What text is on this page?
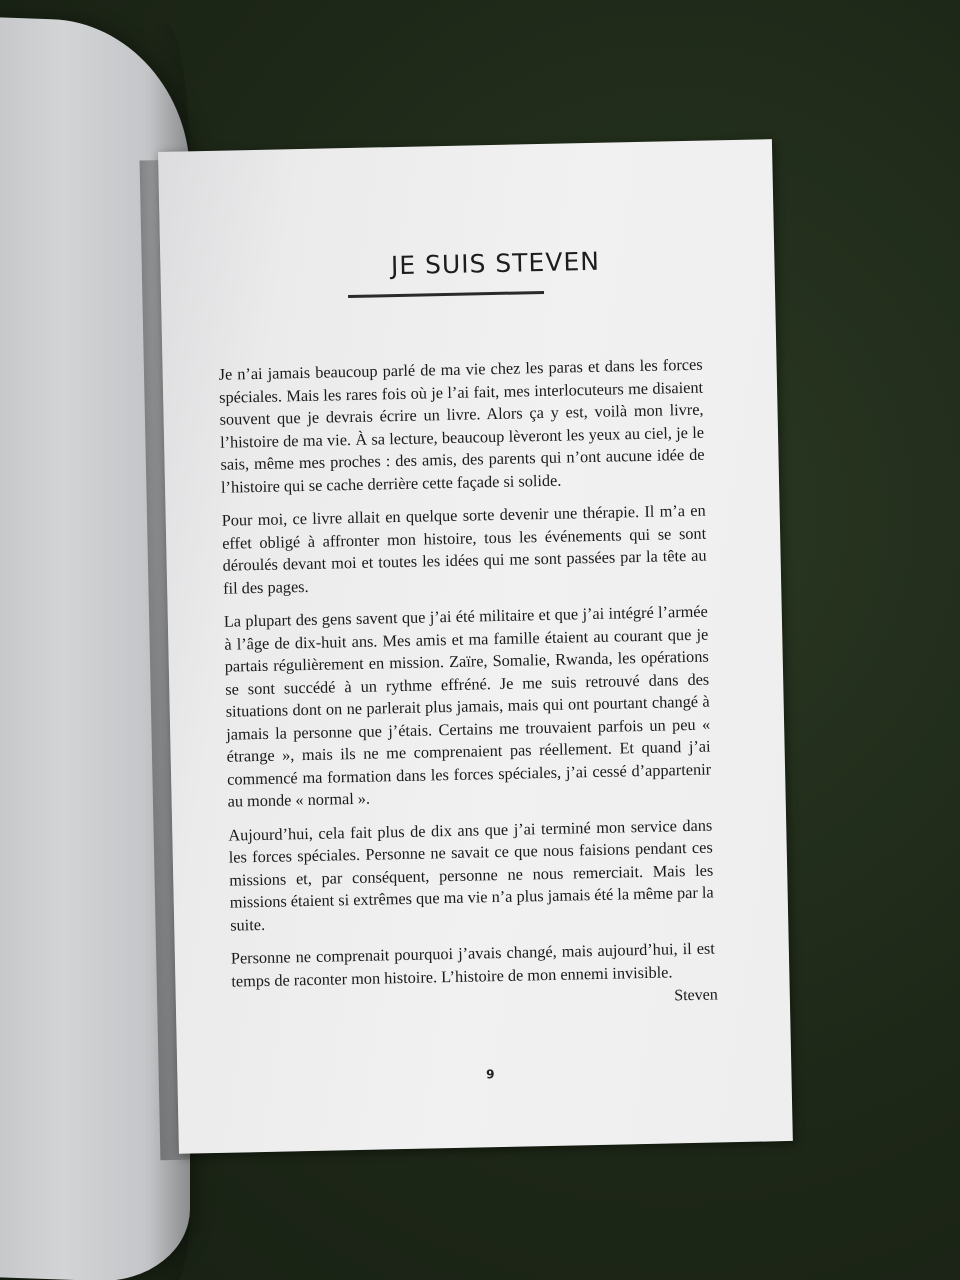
JE SUIS STEVEN

Je n’ai jamais beaucoup parlé de ma vie chez les paras et dans les forces spéciales. Mais les rares fois où je l’ai fait, mes interlocuteurs me disaient souvent que je devrais écrire un livre. Alors ça y est, voilà mon livre, l’histoire de ma vie. À sa lecture, beaucoup lèveront les yeux au ciel, je le sais, même mes proches : des amis, des parents qui n’ont aucune idée de l’histoire qui se cache derrière cette façade si solide.

Pour moi, ce livre allait en quelque sorte devenir une thérapie. Il m’a en effet obligé à affronter mon histoire, tous les événements qui se sont déroulés devant moi et toutes les idées qui me sont passées par la tête au fil des pages.

La plupart des gens savent que j’ai été militaire et que j’ai intégré l’armée à l’âge de dix-huit ans. Mes amis et ma famille étaient au courant que je partais régulièrement en mission. Zaïre, Somalie, Rwanda, les opérations se sont succédé à un rythme effréné. Je me suis retrouvé dans des situations dont on ne parlerait plus jamais, mais qui ont pourtant changé à jamais la personne que j’étais. Certains me trouvaient parfois un peu « étrange », mais ils ne me comprenaient pas réellement. Et quand j’ai commencé ma formation dans les forces spéciales, j’ai cessé d’appartenir au monde « normal ».

Aujourd’hui, cela fait plus de dix ans que j’ai terminé mon service dans les forces spéciales. Personne ne savait ce que nous faisions pendant ces missions et, par conséquent, personne ne nous remerciait. Mais les missions étaient si extrêmes que ma vie n’a plus jamais été la même par la suite.

Personne ne comprenait pourquoi j’avais changé, mais aujourd’hui, il est temps de raconter mon histoire. L’histoire de mon ennemi invisible.

Steven
9
